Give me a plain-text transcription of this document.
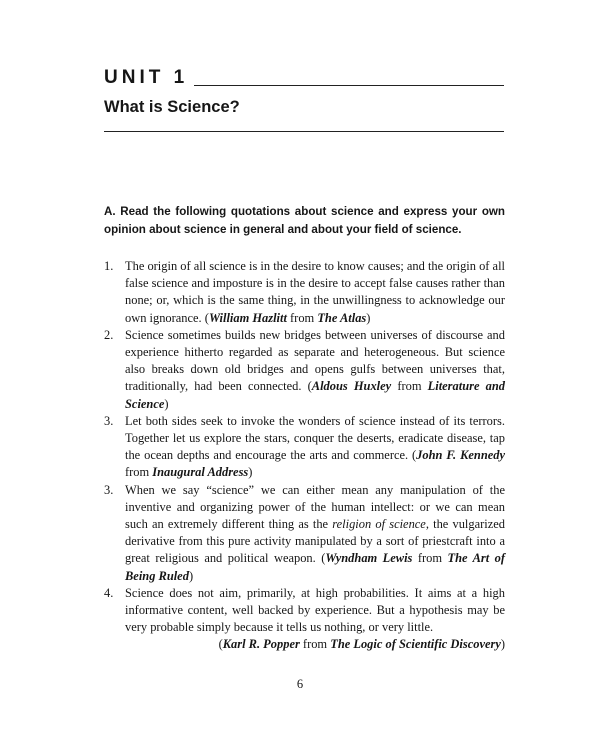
UNIT 1
What is Science?

A. Read the following quotations about science and express your own opinion about science in general and about your field of science.

1. The origin of all science is in the desire to know causes; and the origin of all false science and imposture is in the desire to accept false causes rather than none; or, which is the same thing, in the unwillingness to acknowledge our own ignorance. (William Hazlitt from The Atlas)
2. Science sometimes builds new bridges between universes of discourse and experience hitherto regarded as separate and heterogeneous. But science also breaks down old bridges and opens gulfs between universes that, traditionally, had been connected. (Aldous Huxley from Literature and Science)
3. Let both sides seek to invoke the wonders of science instead of its terrors. Together let us explore the stars, conquer the deserts, eradicate disease, tap the ocean depths and encourage the arts and commerce. (John F. Kennedy from Inaugural Address)
3. When we say “science” we can either mean any manipulation of the inventive and organizing power of the human intellect: or we can mean such an extremely different thing as the religion of science, the vulgarized derivative from this pure activity manipulated by a sort of priestcraft into a great religious and political weapon. (Wyndham Lewis from The Art of Being Ruled)
4. Science does not aim, primarily, at high probabilities. It aims at a high informative content, well backed by experience. But a hypothesis may be very probable simply because it tells us nothing, or very little.
(Karl R. Popper from The Logic of Scientific Discovery)
6
